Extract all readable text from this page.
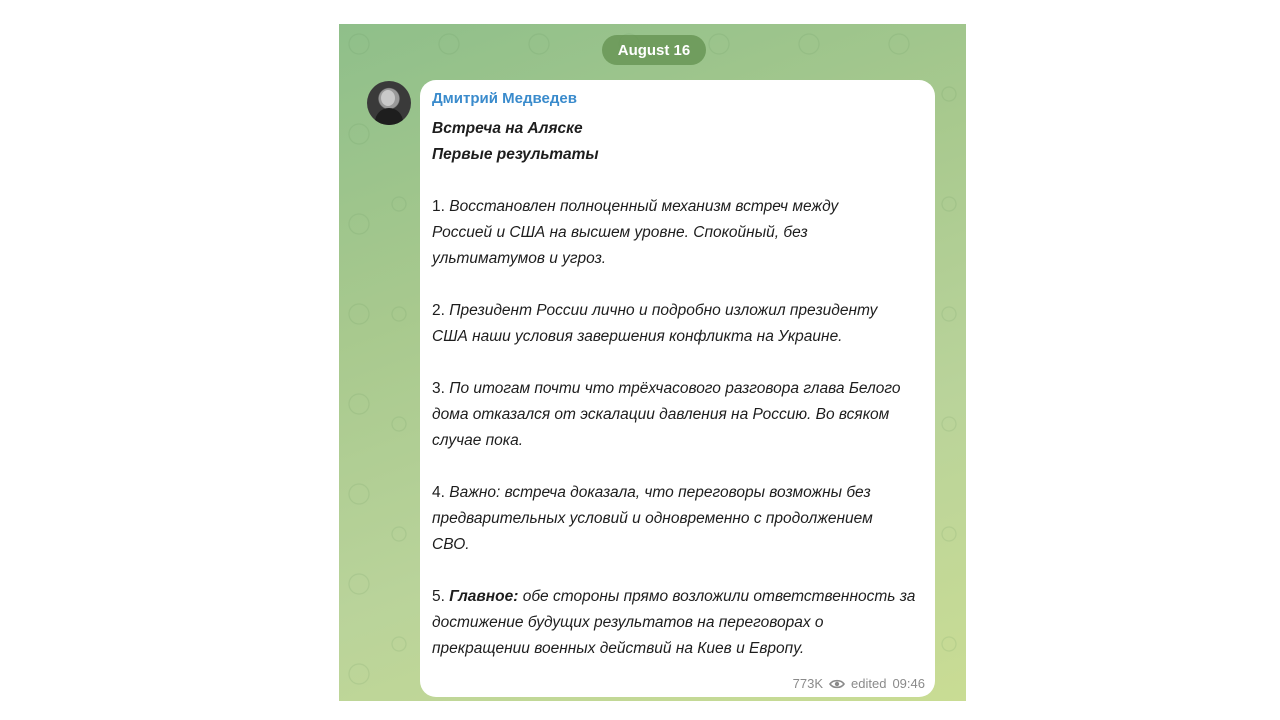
August 16
Дмитрий Медведев

Встреча на Аляске

Первые результаты

1. Восстановлен полноценный механизм встреч между

Россией и США на высшем уровне. Спокойный, без

ультиматумов и угроз.

2. Президент России лично и подробно изложил президенту

США наши условия завершения конфликта на Украине.

3. По итогам почти что трёхчасового разговора глава Белого

дома отказался от эскалации давления на Россию. Во всяком

случае пока.

4. Важно: встреча доказала, что переговоры возможны без

предварительных условий и одновременно с продолжением

СВО.

5. Главное: обе стороны прямо возложили ответственность за

достижение будущих результатов на переговорах о

прекращении военных действий на Киев и Европу.

773K edited 09:46
